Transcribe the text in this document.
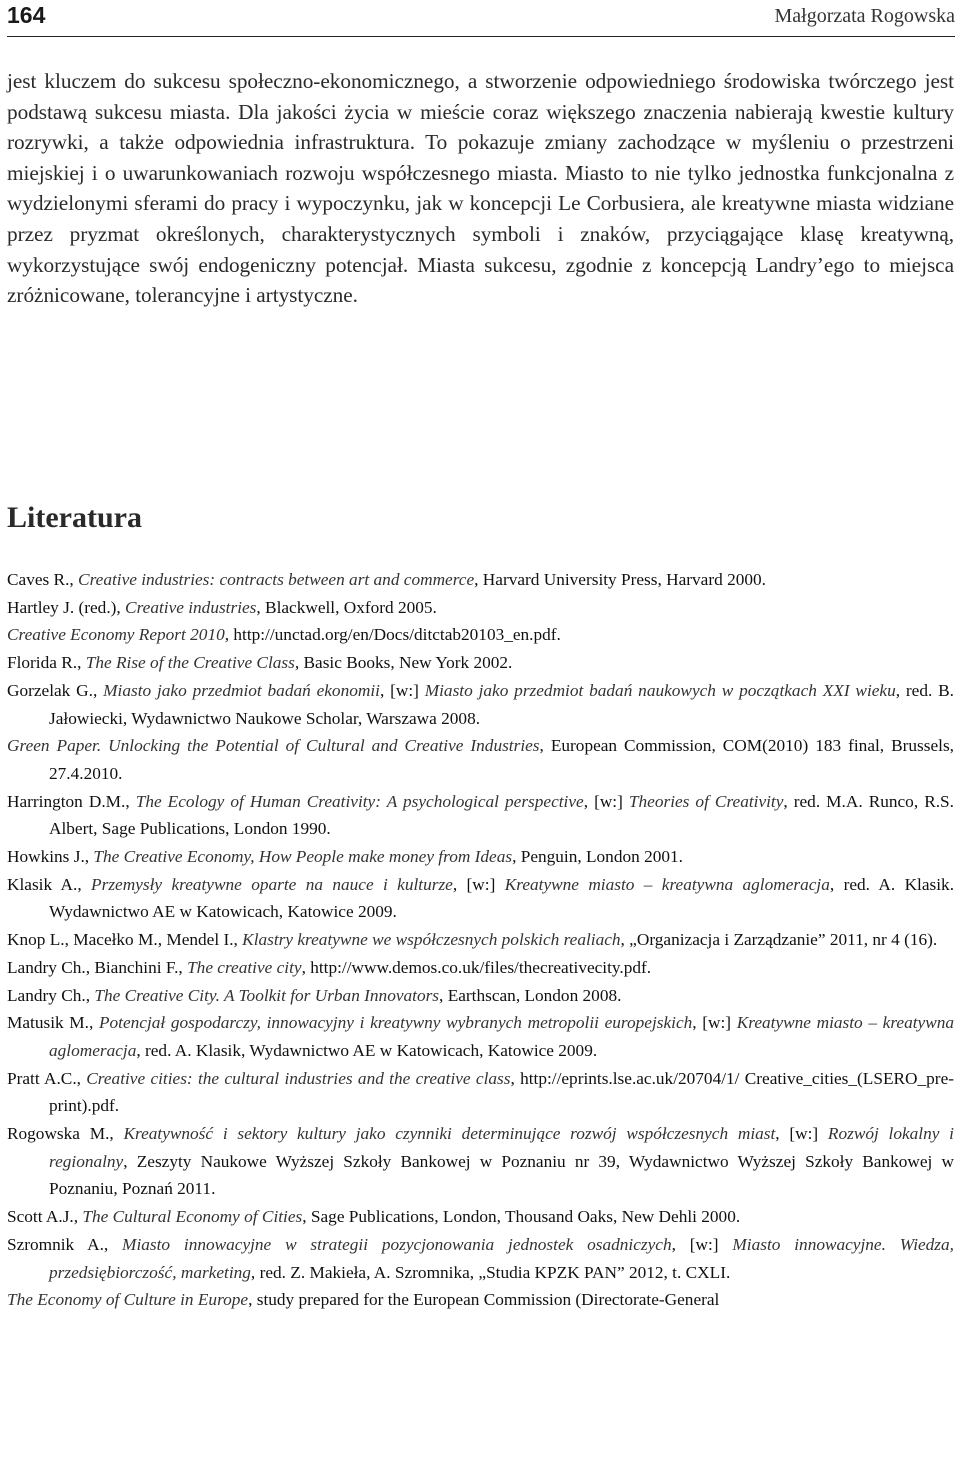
164	Małgorzata Rogowska

jest kluczem do sukcesu społeczno-ekonomicznego, a stworzenie odpowiedniego środowiska twórczego jest podstawą sukcesu miasta. Dla jakości życia w mieście coraz większego znaczenia nabierają kwestie kultury rozrywki, a także odpowiednia infrastruktura. To pokazuje zmiany zachodzące w myśleniu o przestrzeni miejskiej i o uwarunkowaniach rozwoju współczesnego miasta. Miasto to nie tylko jednostka funkcjonalna z wydzielonymi sferami do pracy i wypoczynku, jak w koncepcji Le Corbusiera, ale kreatywne miasta widziane przez pryzmat określonych, charakterystycznych symboli i znaków, przyciągające klasę kreatywną, wykorzystujące swój endogeniczny potencjał. Miasta sukcesu, zgodnie z koncepcją Landry’ego to miejsca zróżnicowane, tolerancyjne i artystyczne.

Literatura
Caves R., Creative industries: contracts between art and commerce, Harvard University Press, Harvard 2000.
Hartley J. (red.), Creative industries, Blackwell, Oxford 2005.
Creative Economy Report 2010, http://unctad.org/en/Docs/ditctab20103_en.pdf.
Florida R., The Rise of the Creative Class, Basic Books, New York 2002.
Gorzelak G., Miasto jako przedmiot badań ekonomii, [w:] Miasto jako przedmiot badań naukowych w początkach XXI wieku, red. B. Jałowiecki, Wydawnictwo Naukowe Scholar, Warszawa 2008.
Green Paper. Unlocking the Potential of Cultural and Creative Industries, European Commission, COM(2010) 183 final, Brussels, 27.4.2010.
Harrington D.M., The Ecology of Human Creativity: A psychological perspective, [w:] Theories of Creativity, red. M.A. Runco, R.S. Albert, Sage Publications, London 1990.
Howkins J., The Creative Economy, How People make money from Ideas, Penguin, London 2001.
Klasik A., Przemysły kreatywne oparte na nauce i kulturze, [w:] Kreatywne miasto – kreatywna aglomeracja, red. A. Klasik. Wydawnictwo AE w Katowicach, Katowice 2009.
Knop L., Macełko M., Mendel I., Klastry kreatywne we współczesnych polskich realiach, „Organizacja i Zarządzanie” 2011, nr 4 (16).
Landry Ch., Bianchini F., The creative city, http://www.demos.co.uk/files/thecreativecity.pdf.
Landry Ch., The Creative City. A Toolkit for Urban Innovators, Earthscan, London 2008.
Matusik M., Potencjał gospodarczy, innowacyjny i kreatywny wybranych metropolii europejskich, [w:] Kreatywne miasto – kreatywna aglomeracja, red. A. Klasik, Wydawnictwo AE w Katowicach, Katowice 2009.
Pratt A.C., Creative cities: the cultural industries and the creative class, http://eprints.lse.ac.uk/20704/1/ Creative_cities_(LSERO_pre-print).pdf.
Rogowska M., Kreatywność i sektory kultury jako czynniki determinujące rozwój współczesnych miast, [w:] Rozwój lokalny i regionalny, Zeszyty Naukowe Wyższej Szkoły Bankowej w Poznaniu nr 39, Wydawnictwo Wyższej Szkoły Bankowej w Poznaniu, Poznań 2011.
Scott A.J., The Cultural Economy of Cities, Sage Publications, London, Thousand Oaks, New Dehli 2000.
Szromnik A., Miasto innowacyjne w strategii pozycjonowania jednostek osadniczych, [w:] Miasto innowacyjne. Wiedza, przedsiębiorczość, marketing, red. Z. Makieła, A. Szromnika, „Studia KPZK PAN” 2012, t. CXLI.
The Economy of Culture in Europe, study prepared for the European Commission (Directorate-General
